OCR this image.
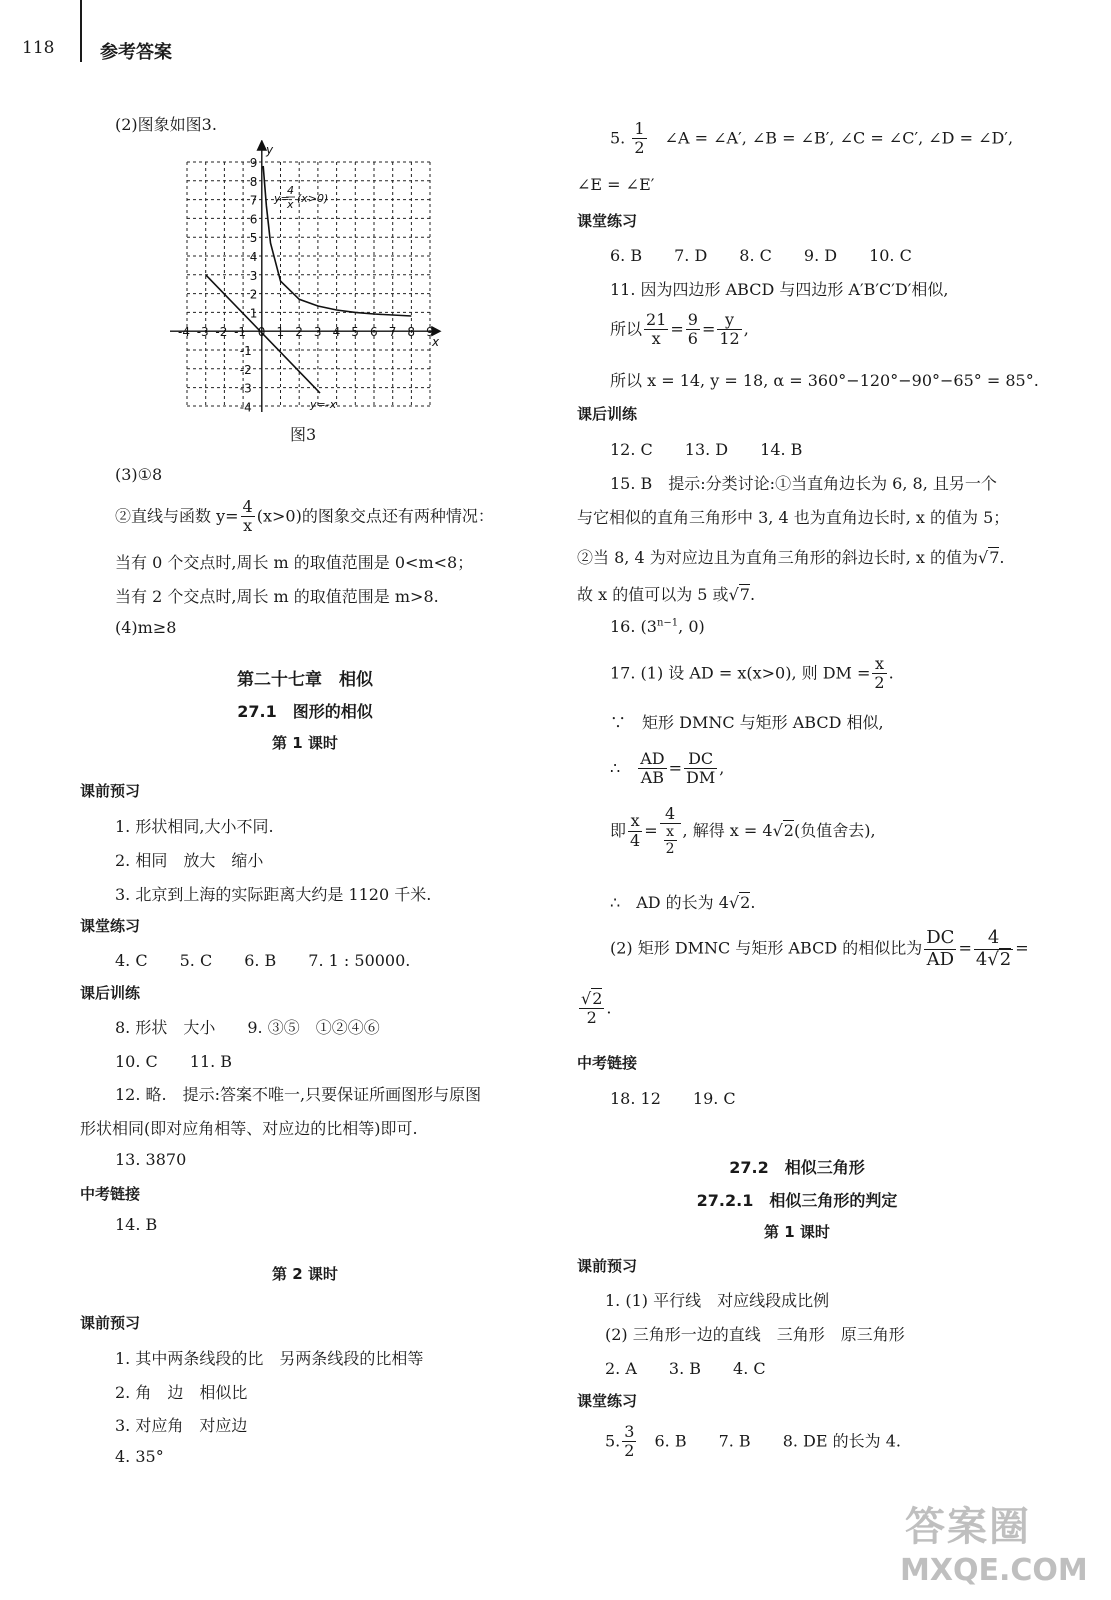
118	参考答案
(2)图象如图3.
x
y
-4 -3 -2 -1 0 1 2 3 4 5 6 7 8 9
1
2
3
4
5
6
7
8
9
-1
-2
-3
-4
y=
4
x (x>0)
y=-x
图3
(3)①8
②直线与函数 $y= \frac{4}{x} (x>0)$的图象交点还有两种情况：
当有 0 个交点时,周长 m 的取值范围是 0<m<8；
当有 2 个交点时,周长 m 的取值范围是 m>8.
(4)m≥8
第二十七章　相似
27.1　图形的相似
第 1 课时
课前预习
1. 形状相同,大小不同.
2. 相同　放大　缩小
3. 北京到上海的实际距离大约是 1120 千米.
课堂练习
4. C　　5. C　　6. B　　7. 1 : 50000.
课后训练
8. 形状　大小　　9. ③⑤　①②④⑥
10. C　　11. B
12. 略.　提示:答案不唯一,只要保证所画图形与原图
形状相同(即对应角相等、对应边的比相等)即可.
13. 3870
中考链接
14. B
第 2 课时
课前预习
1. 其中两条线段的比　另两条线段的比相等
2. 角　边　相似比
3. 对应角　对应边
4. 35°
5. $\frac{1}{2}$
　 ∠A = ∠A′, ∠B = ∠B′, ∠C = ∠C′, ∠D = ∠D′,
∠E = ∠E′
课堂练习
6. B　　7. D　　8. C　　9. D　　10. C
11. 因为四边形 ABCD 与四边形 A′B′C′D′相似,
所以 $\frac{21}{x} = \frac{9}{6} = \frac{y}{12}$ ,
所以 x = 14, y = 18, α = 360°−120°−90°−65° = 85°.
课后训练
12. C　　13. D　　14. B
15. B　提示:分类讨论:①当直角边长为 6, 8, 且另一个
与它相似的直角三角形中 3, 4 也为直角边长时, x 的值为 5；
②当 8, 4 为对应边且为直角三角形的斜边长时, x 的值为√7.
故 x 的值可以为 5 或√7.
16. ($3^{n-1}$, 0)
17. (1) 设 AD = x(x>0), 则 DM = $\frac{x}{2}$ .
∵　 矩形 DMNC 与矩形 ABCD 相似,
∴　 $\frac{AD}{AB} = \frac{DC}{DM}$ ,
即 $\frac{x}{4} = \frac{4}{\frac{x}{2}}$ , 解得 x = 4√2(负值舍去),
∴　 AD 的长为 4√2.
(2) 矩形 DMNC 与矩形 ABCD 的相似比为 $\frac{DC}{AD} = \frac{4}{4√2}$ =
$\frac{√2}{2}$ .
中考链接
18. 12　　19. C
27.2　相似三角形
27.2.1　相似三角形的判定
第 1 课时
课前预习
1. (1) 平行线　对应线段成比例
(2) 三角形一边的直线　三角形　原三角形
2. A　　3. B　　4. C
课堂练习
5. $\frac{3}{2}$
　 6. B　　7. B　　8. DE 的长为 4.
答案圈
MXQE.COM
